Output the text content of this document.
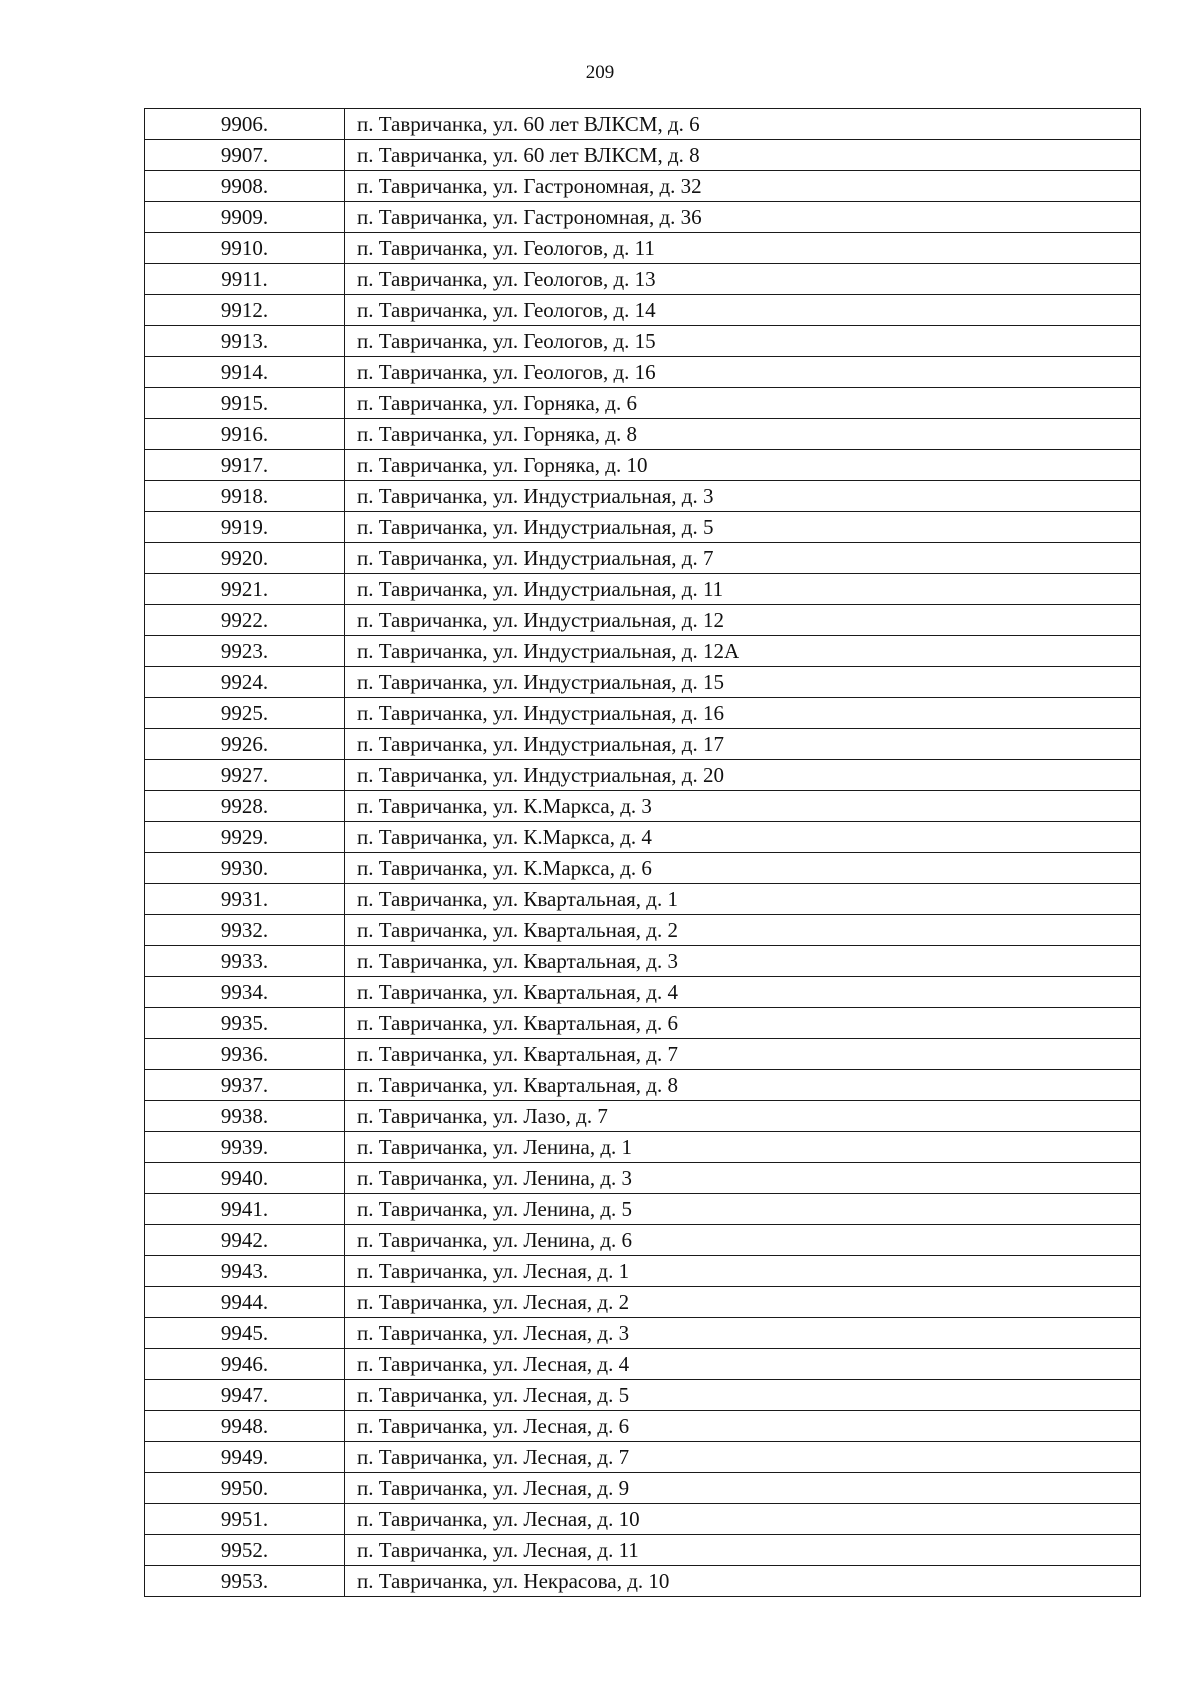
209
9906.	п. Тавричанка, ул. 60 лет ВЛКСМ, д. 6
9907.	п. Тавричанка, ул. 60 лет ВЛКСМ, д. 8
9908.	п. Тавричанка, ул. Гастрономная, д. 32
9909.	п. Тавричанка, ул. Гастрономная, д. 36
9910.	п. Тавричанка, ул. Геологов, д. 11
9911.	п. Тавричанка, ул. Геологов, д. 13
9912.	п. Тавричанка, ул. Геологов, д. 14
9913.	п. Тавричанка, ул. Геологов, д. 15
9914.	п. Тавричанка, ул. Геологов, д. 16
9915.	п. Тавричанка, ул. Горняка, д. 6
9916.	п. Тавричанка, ул. Горняка, д. 8
9917.	п. Тавричанка, ул. Горняка, д. 10
9918.	п. Тавричанка, ул. Индустриальная, д. 3
9919.	п. Тавричанка, ул. Индустриальная, д. 5
9920.	п. Тавричанка, ул. Индустриальная, д. 7
9921.	п. Тавричанка, ул. Индустриальная, д. 11
9922.	п. Тавричанка, ул. Индустриальная, д. 12
9923.	п. Тавричанка, ул. Индустриальная, д. 12А
9924.	п. Тавричанка, ул. Индустриальная, д. 15
9925.	п. Тавричанка, ул. Индустриальная, д. 16
9926.	п. Тавричанка, ул. Индустриальная, д. 17
9927.	п. Тавричанка, ул. Индустриальная, д. 20
9928.	п. Тавричанка, ул. К.Маркса, д. 3
9929.	п. Тавричанка, ул. К.Маркса, д. 4
9930.	п. Тавричанка, ул. К.Маркса, д. 6
9931.	п. Тавричанка, ул. Квартальная, д. 1
9932.	п. Тавричанка, ул. Квартальная, д. 2
9933.	п. Тавричанка, ул. Квартальная, д. 3
9934.	п. Тавричанка, ул. Квартальная, д. 4
9935.	п. Тавричанка, ул. Квартальная, д. 6
9936.	п. Тавричанка, ул. Квартальная, д. 7
9937.	п. Тавричанка, ул. Квартальная, д. 8
9938.	п. Тавричанка, ул. Лазо, д. 7
9939.	п. Тавричанка, ул. Ленина, д. 1
9940.	п. Тавричанка, ул. Ленина, д. 3
9941.	п. Тавричанка, ул. Ленина, д. 5
9942.	п. Тавричанка, ул. Ленина, д. 6
9943.	п. Тавричанка, ул. Лесная, д. 1
9944.	п. Тавричанка, ул. Лесная, д. 2
9945.	п. Тавричанка, ул. Лесная, д. 3
9946.	п. Тавричанка, ул. Лесная, д. 4
9947.	п. Тавричанка, ул. Лесная, д. 5
9948.	п. Тавричанка, ул. Лесная, д. 6
9949.	п. Тавричанка, ул. Лесная, д. 7
9950.	п. Тавричанка, ул. Лесная, д. 9
9951.	п. Тавричанка, ул. Лесная, д. 10
9952.	п. Тавричанка, ул. Лесная, д. 11
9953.	п. Тавричанка, ул. Некрасова, д. 10
